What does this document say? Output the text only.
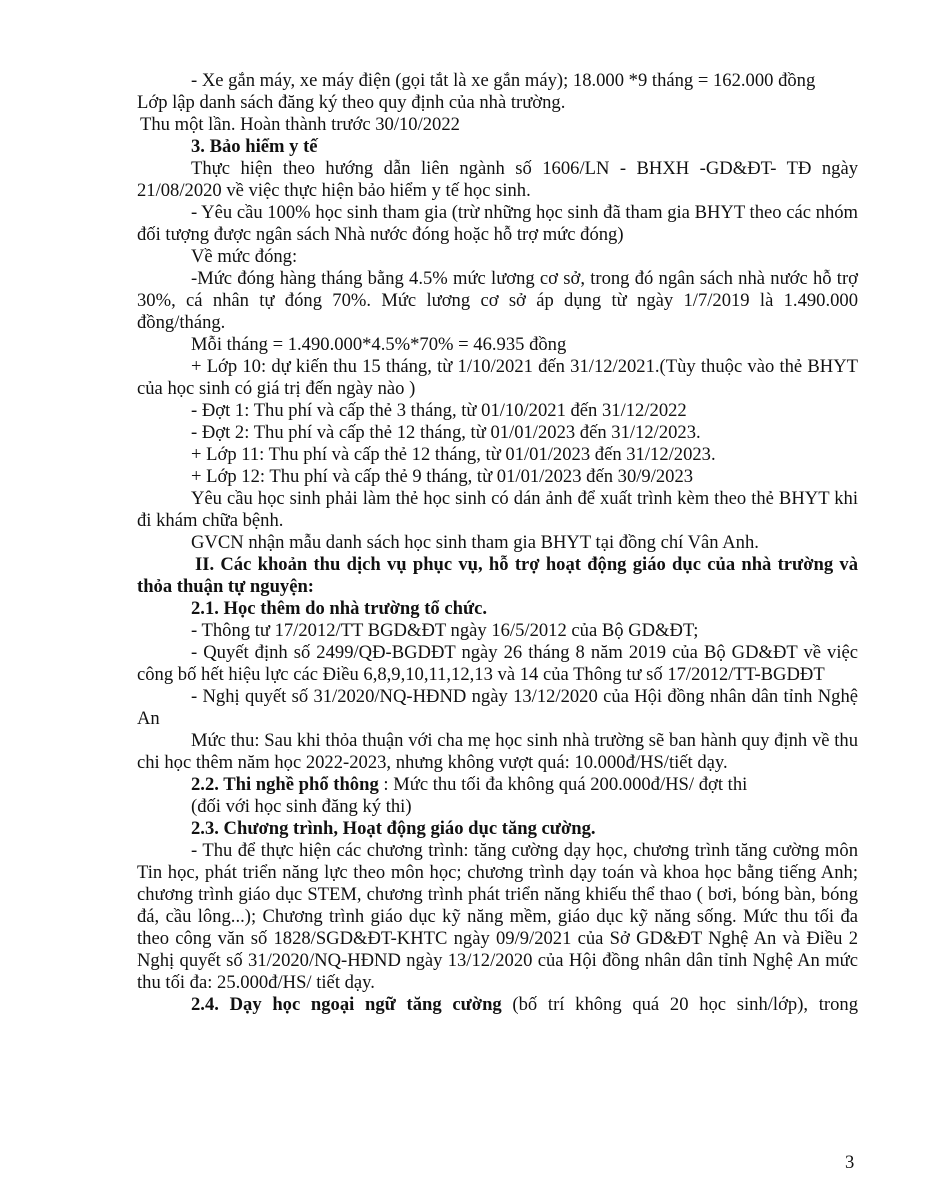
- Xe gắn máy, xe máy điện (gọi tắt là xe gắn máy); 18.000 *9 tháng = 162.000 đồng

Lớp lập danh sách đăng ký theo quy định của nhà trường.

Thu một lần. Hoàn thành trước 30/10/2022

3. Bảo hiểm y tế

Thực hiện theo hướng dẫn liên ngành số 1606/LN - BHXH -GD&ĐT- TĐ ngày 21/08/2020 về việc thực hiện bảo hiểm y tế học sinh.

- Yêu cầu 100% học sinh tham gia (trừ những học sinh đã tham gia BHYT theo các nhóm đối tượng được ngân sách Nhà nước đóng hoặc hỗ trợ mức đóng)

Về mức đóng:

-Mức đóng hàng tháng bằng 4.5% mức lương cơ sở, trong đó ngân sách nhà nước hỗ trợ 30%, cá nhân tự đóng 70%. Mức lương cơ sở áp dụng từ ngày 1/7/2019 là 1.490.000 đồng/tháng.

Mỗi tháng = 1.490.000*4.5%*70% = 46.935 đồng

+ Lớp 10: dự kiến thu 15 tháng, từ 1/10/2021 đến 31/12/2021.(Tùy thuộc vào thẻ BHYT của học sinh có giá trị đến ngày nào )

- Đợt 1: Thu phí và cấp thẻ 3 tháng, từ 01/10/2021 đến 31/12/2022

- Đợt 2: Thu phí và cấp thẻ 12 tháng, từ 01/01/2023 đến 31/12/2023.

+ Lớp 11: Thu phí và cấp thẻ 12 tháng, từ 01/01/2023 đến 31/12/2023.

+ Lớp 12: Thu phí và cấp thẻ 9 tháng, từ 01/01/2023 đến 30/9/2023

Yêu cầu học sinh phải làm thẻ học sinh có dán ảnh để xuất trình kèm theo thẻ BHYT khi đi khám chữa bệnh.

GVCN nhận mẫu danh sách học sinh tham gia BHYT tại đồng chí Vân Anh.

II. Các khoản thu dịch vụ phục vụ, hỗ trợ hoạt động giáo dục của nhà trường và thỏa thuận tự nguyện:

2.1. Học thêm do nhà trường tổ chức.

- Thông tư 17/2012/TT BGD&ĐT ngày 16/5/2012 của Bộ GD&ĐT;

- Quyết định số 2499/QĐ-BGDĐT ngày 26 tháng 8 năm 2019 của Bộ GD&ĐT về việc công bố hết hiệu lực các Điều 6,8,9,10,11,12,13 và 14 của Thông tư số 17/2012/TT-BGDĐT

- Nghị quyết số 31/2020/NQ-HĐND ngày 13/12/2020 của Hội đồng nhân dân tỉnh Nghệ An

Mức thu: Sau khi thỏa thuận với cha mẹ học sinh nhà trường sẽ ban hành quy định về thu chi học thêm năm học 2022-2023, nhưng không vượt quá: 10.000đ/HS/tiết dạy.

2.2. Thi nghề phổ thông : Mức thu tối đa không quá 200.000đ/HS/ đợt thi

(đối với học sinh đăng ký thi)

2.3. Chương trình, Hoạt động giáo dục tăng cường.

- Thu để thực hiện các chương trình: tăng cường dạy học, chương trình tăng cường môn Tin học, phát triển năng lực theo môn học; chương trình dạy toán và khoa học bằng tiếng Anh; chương trình giáo dục STEM, chương trình phát triển năng khiếu thể thao ( bơi, bóng bàn, bóng đá, cầu lông...); Chương trình giáo dục kỹ năng mềm, giáo dục kỹ năng sống. Mức thu tối đa theo công văn số 1828/SGD&ĐT-KHTC ngày 09/9/2021 của Sở GD&ĐT Nghệ An và Điều 2 Nghị quyết số 31/2020/NQ-HĐND ngày 13/12/2020 của Hội đồng nhân dân tỉnh Nghệ An mức thu tối đa: 25.000đ/HS/ tiết dạy.

2.4. Dạy học ngoại ngữ tăng cường (bố trí không quá 20 học sinh/lớp), trong

3
